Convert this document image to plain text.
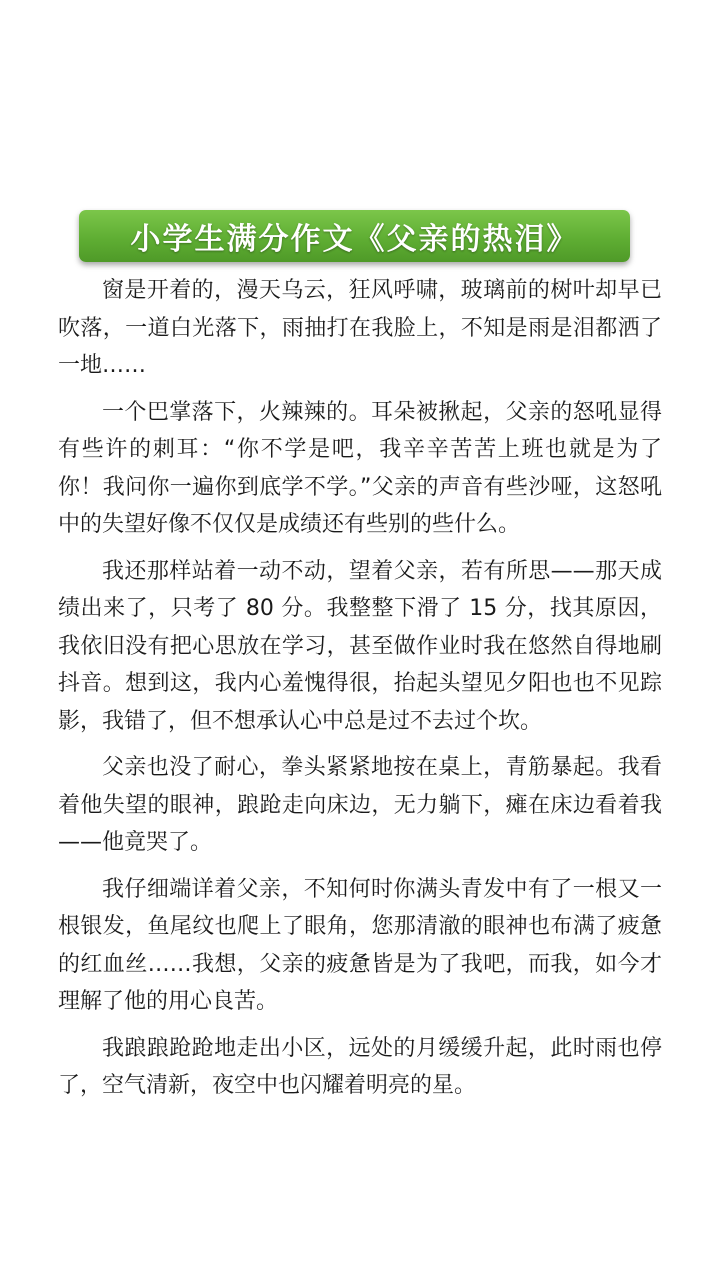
小学生满分作文《父亲的热泪》

窗是开着的，漫天乌云，狂风呼啸，玻璃前的树叶却早已吹落，一道白光落下，雨抽打在我脸上，不知是雨是泪都洒了一地……

一个巴掌落下，火辣辣的。耳朵被揪起，父亲的怒吼显得有些许的刺耳：“你不学是吧，我辛辛苦苦上班也就是为了你！我问你一遍你到底学不学。”父亲的声音有些沙哑，这怒吼中的失望好像不仅仅是成绩还有些别的些什么。

我还那样站着一动不动，望着父亲，若有所思——那天成绩出来了，只考了 80 分。我整整下滑了 15 分，找其原因，我依旧没有把心思放在学习，甚至做作业时我在悠然自得地刷抖音。想到这，我内心羞愧得很，抬起头望见夕阳也也不见踪影，我错了，但不想承认心中总是过不去过个坎。

父亲也没了耐心，拳头紧紧地按在桌上，青筋暴起。我看着他失望的眼神，踉跄走向床边，无力躺下，瘫在床边看着我——他竟哭了。

我仔细端详着父亲，不知何时你满头青发中有了一根又一根银发，鱼尾纹也爬上了眼角，您那清澈的眼神也布满了疲惫的红血丝……我想，父亲的疲惫皆是为了我吧，而我，如今才理解了他的用心良苦。

我踉踉跄跄地走出小区，远处的月缓缓升起，此时雨也停了，空气清新，夜空中也闪耀着明亮的星。
